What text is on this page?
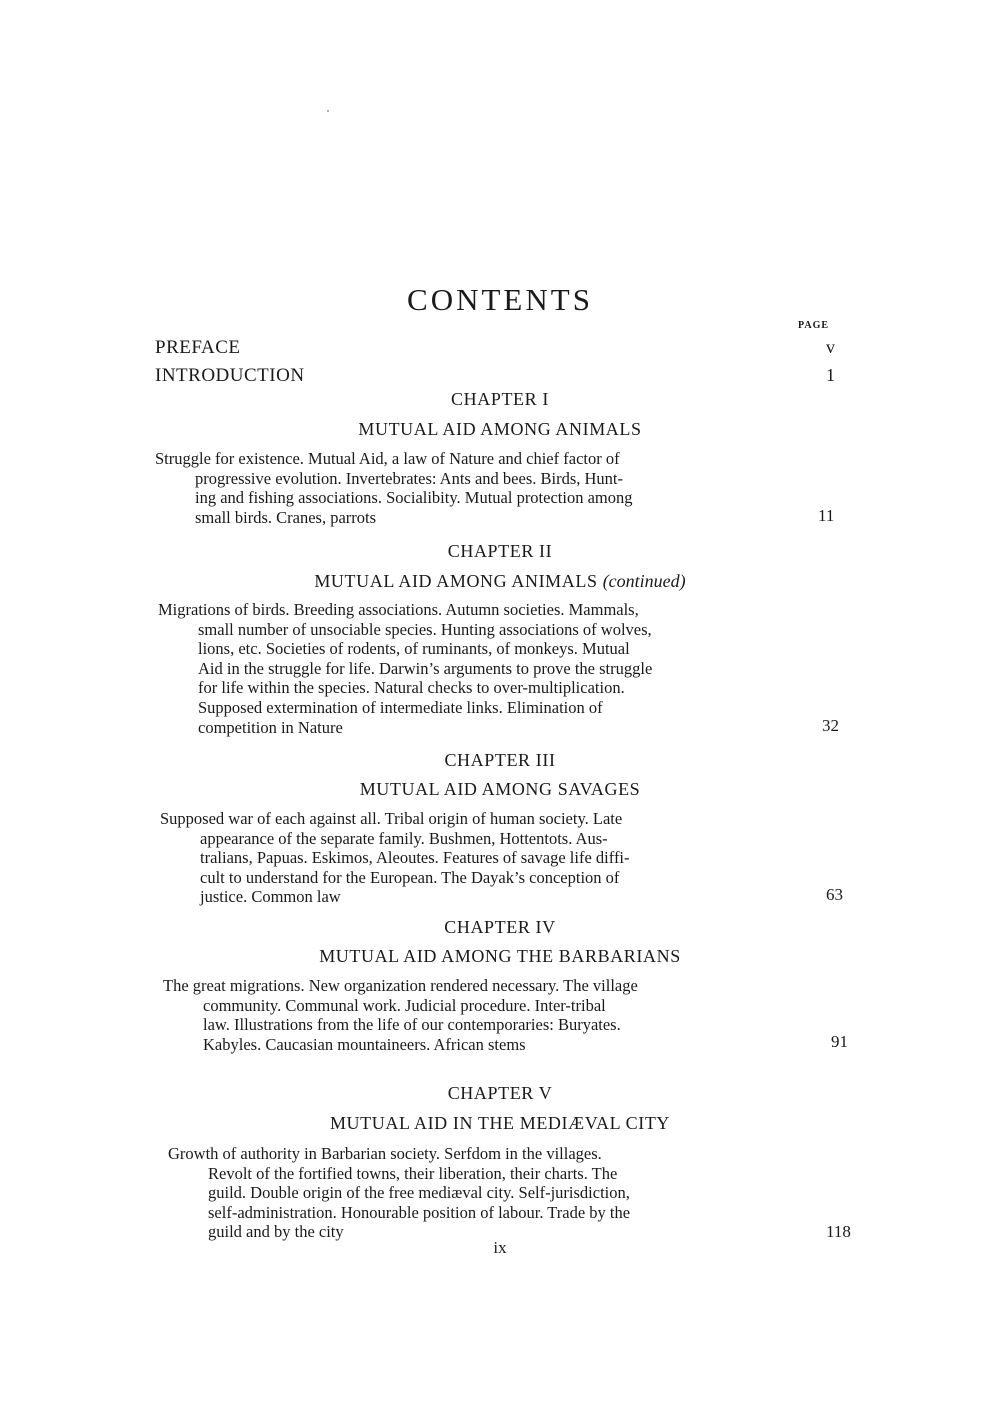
CONTENTS
PAGE
PREFACE	v
INTRODUCTION	1
CHAPTER I
MUTUAL AID AMONG ANIMALS
Struggle for existence. Mutual Aid, a law of Nature and chief factor of
progressive evolution. Invertebrates: Ants and bees. Birds, Hunt-
ing and fishing associations. Socialibity. Mutual protection among
small birds. Cranes, parrots	11
CHAPTER II
MUTUAL AID AMONG ANIMALS (continued)
Migrations of birds. Breeding associations. Autumn societies. Mammals,
small number of unsociable species. Hunting associations of wolves,
lions, etc. Societies of rodents, of ruminants, of monkeys. Mutual
Aid in the struggle for life. Darwin’s arguments to prove the struggle
for life within the species. Natural checks to over-multiplication.
Supposed extermination of intermediate links. Elimination of
competition in Nature	32
CHAPTER III
MUTUAL AID AMONG SAVAGES
Supposed war of each against all. Tribal origin of human society. Late
appearance of the separate family. Bushmen, Hottentots. Aus-
tralians, Papuas. Eskimos, Aleoutes. Features of savage life diffi-
cult to understand for the European. The Dayak’s conception of
justice. Common law	63
CHAPTER IV
MUTUAL AID AMONG THE BARBARIANS
The great migrations. New organization rendered necessary. The village
community. Communal work. Judicial procedure. Inter-tribal
law. Illustrations from the life of our contemporaries: Buryates.
Kabyles. Caucasian mountaineers. African stems	91
CHAPTER V
MUTUAL AID IN THE MEDIÆVAL CITY
Growth of authority in Barbarian society. Serfdom in the villages.
Revolt of the fortified towns, their liberation, their charts. The
guild. Double origin of the free mediæval city. Self-jurisdiction,
self-administration. Honourable position of labour. Trade by the
guild and by the city	118
ix
